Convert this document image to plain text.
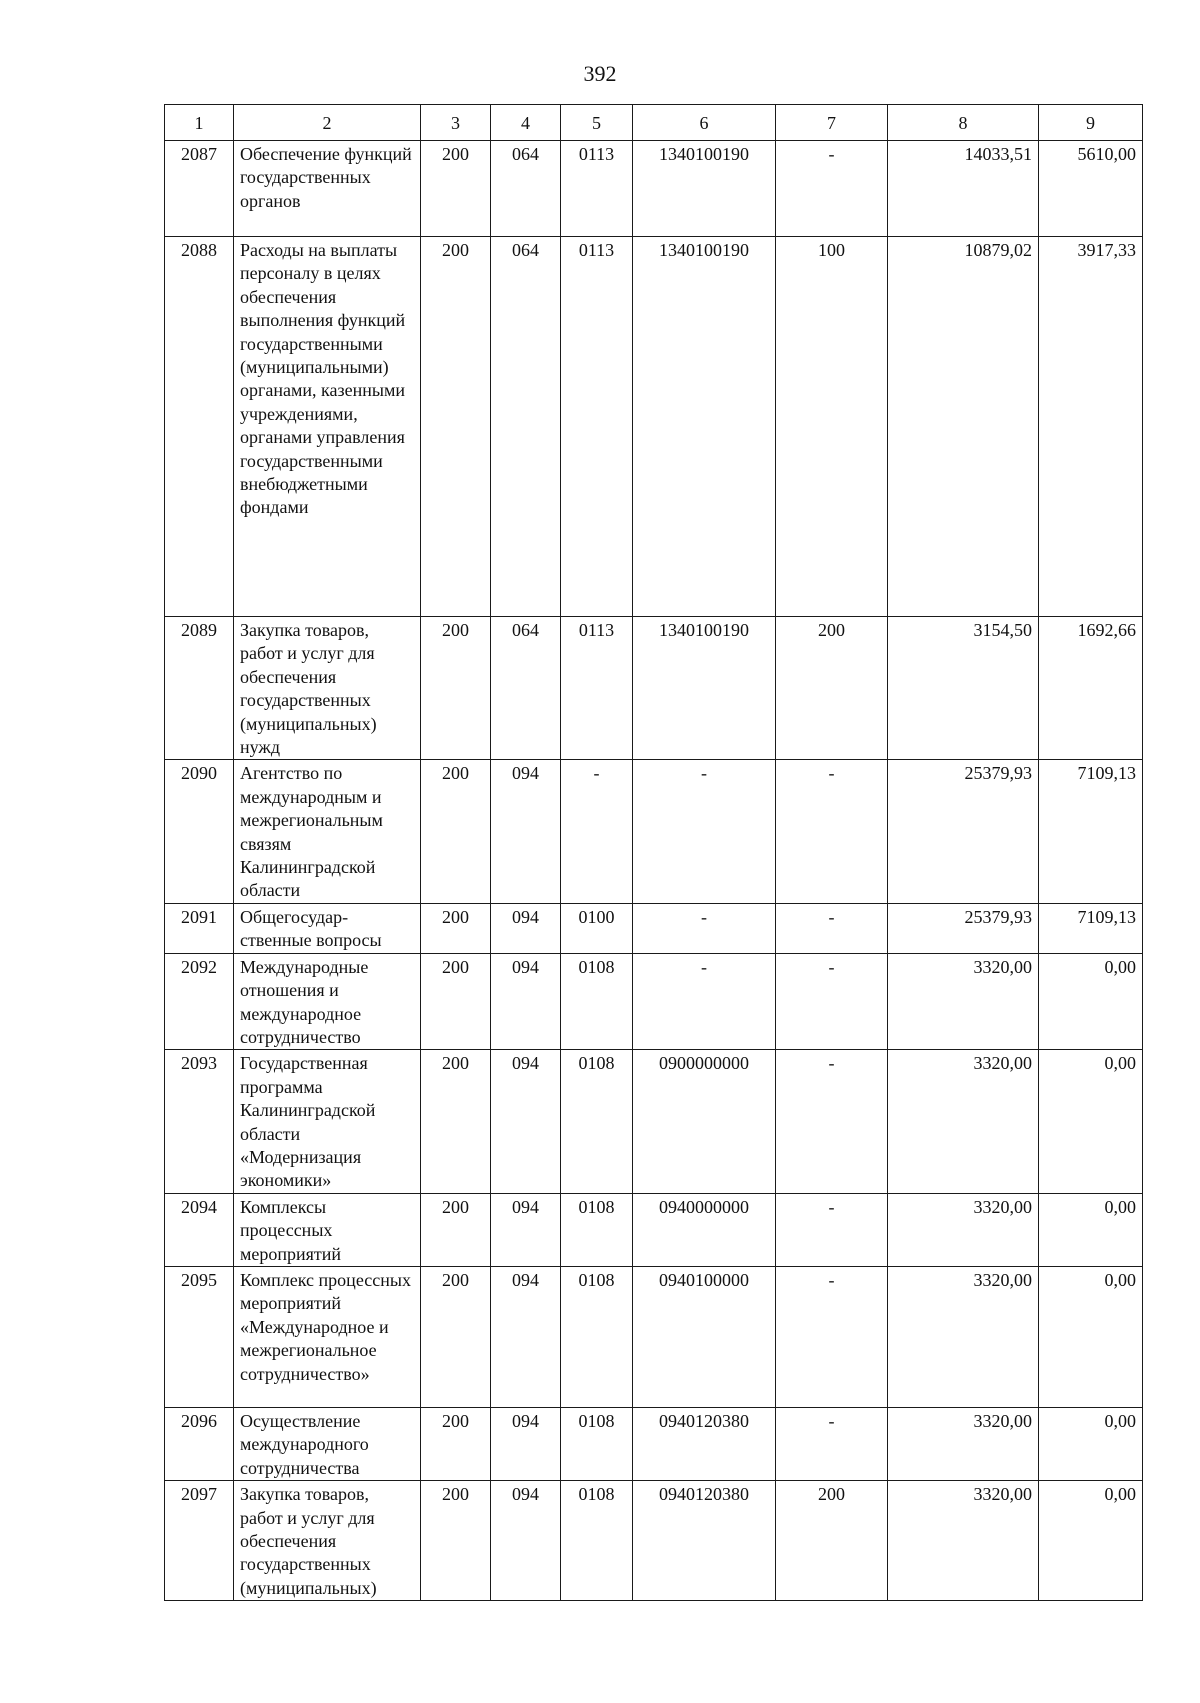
392
1	2	3	4	5	6	7	8	9
2087	Обеспечение функций государственных органов	200	064	0113	1340100190	-	14033,51	5610,00
2088	Расходы на выплаты персоналу в целях обеспечения выполнения функций государственными (муниципальными) органами, казенными учреждениями, органами управления государственными внебюджетными фондами	200	064	0113	1340100190	100	10879,02	3917,33
2089	Закупка товаров, работ и услуг для обеспечения государственных (муниципальных) нужд	200	064	0113	1340100190	200	3154,50	1692,66
2090	Агентство по международным и межрегиональным связям Калининградской области	200	094	-	-	-	25379,93	7109,13
2091	Общегосудар-ственные вопросы	200	094	0100	-	-	25379,93	7109,13
2092	Международные отношения и международное сотрудничество	200	094	0108	-	-	3320,00	0,00
2093	Государственная программа Калининградской области «Модернизация экономики»	200	094	0108	0900000000	-	3320,00	0,00
2094	Комплексы процессных мероприятий	200	094	0108	0940000000	-	3320,00	0,00
2095	Комплекс процессных мероприятий «Международное и межрегиональное сотрудничество»	200	094	0108	0940100000	-	3320,00	0,00
2096	Осуществление международного сотрудничества	200	094	0108	0940120380	-	3320,00	0,00
2097	Закупка товаров, работ и услуг для обеспечения государственных (муниципальных)	200	094	0108	0940120380	200	3320,00	0,00
